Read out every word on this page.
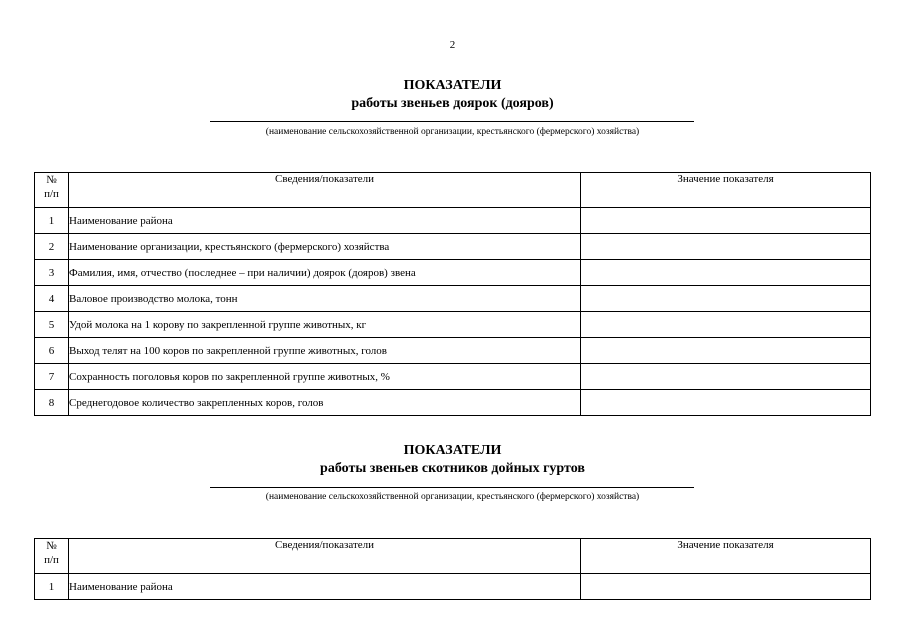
2
ПОКАЗАТЕЛИ
работы звеньев доярок (дояров)
(наименование сельскохозяйственной организации, крестьянского (фермерского) хозяйства)
№
п/п	Сведения/показатели	Значение показателя
1	Наименование района	
2	Наименование организации, крестьянского (фермерского) хозяйства	
3	Фамилия, имя, отчество (последнее – при наличии) доярок (дояров) звена	
4	Валовое производство молока, тонн	
5	Удой молока на 1 корову по закрепленной группе животных, кг	
6	Выход телят на 100 коров по закрепленной группе животных, голов	
7	Сохранность поголовья коров по закрепленной группе животных, %	
8	Среднегодовое количество закрепленных коров, голов	
ПОКАЗАТЕЛИ
работы звеньев скотников дойных гуртов
(наименование сельскохозяйственной организации, крестьянского (фермерского) хозяйства)
№
п/п	Сведения/показатели	Значение показателя
1	Наименование района	
